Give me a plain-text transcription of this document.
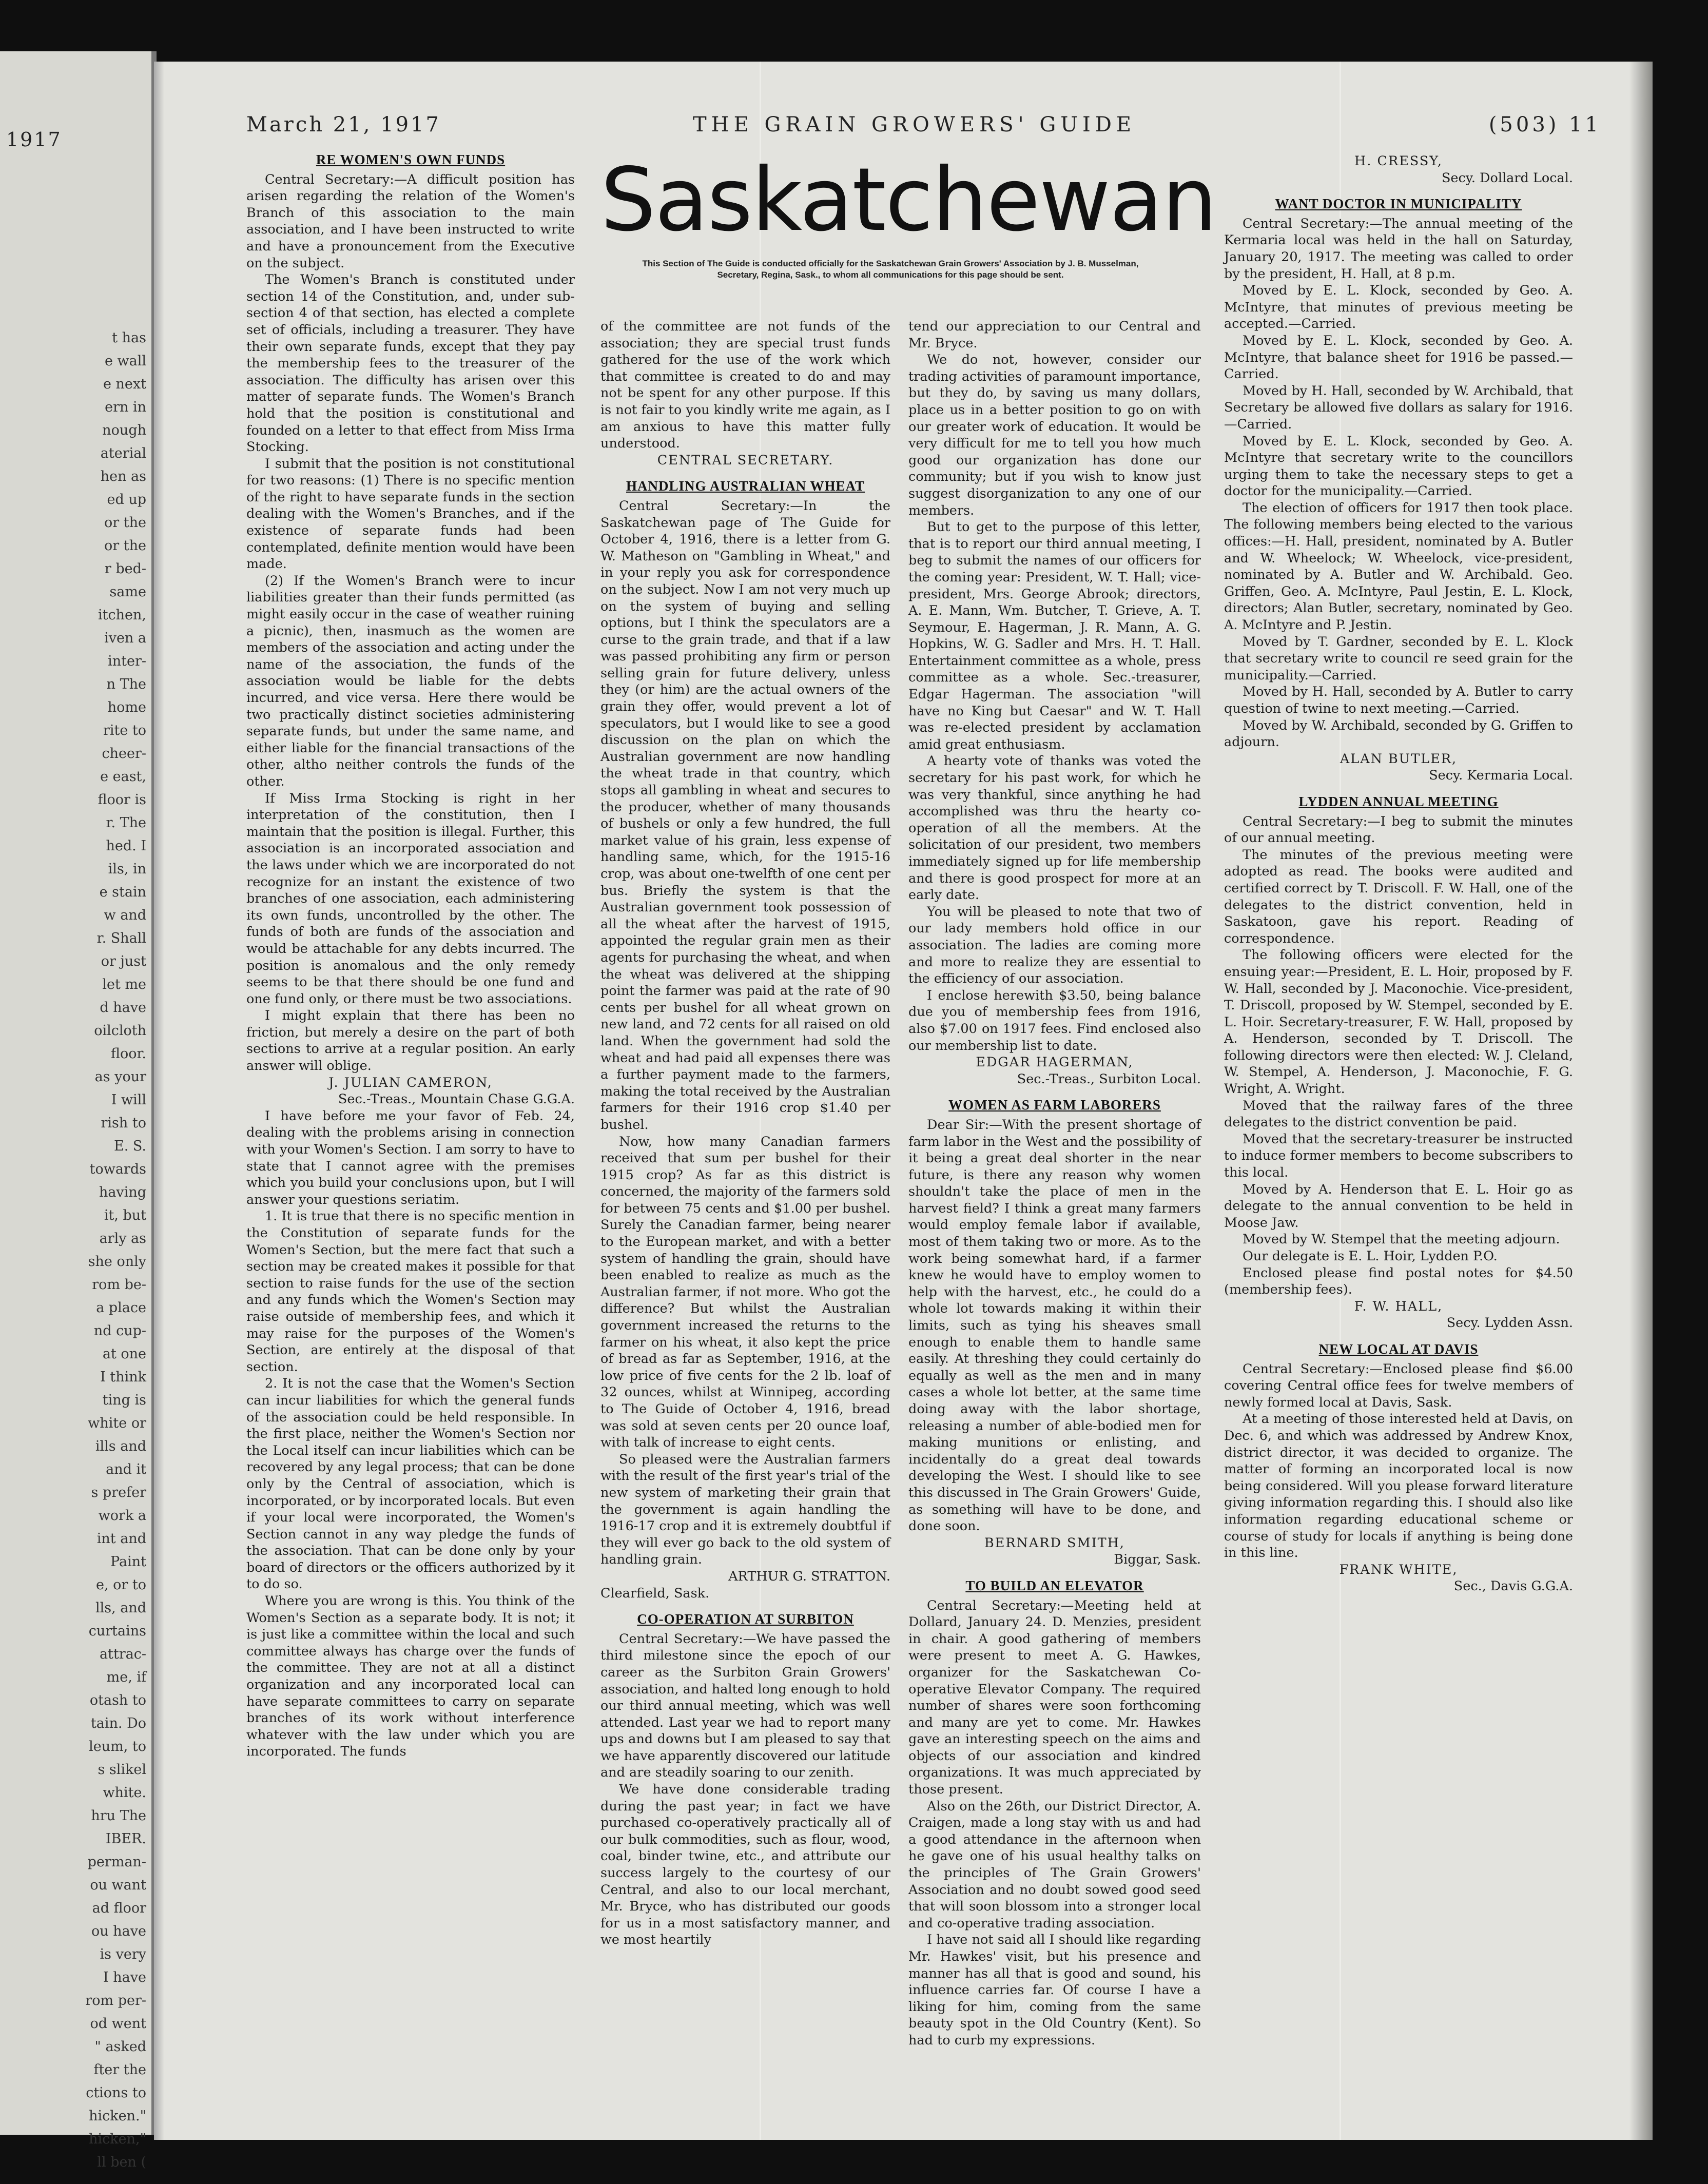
1917
t has
e wall
e next
ern in
nough
aterial
hen as
ed up
or the
or the
r bed-
same
itchen,
iven a
inter-
n The
home
rite to
cheer-
e east,
floor is
r. The
hed. I
ils, in
e stain
w and
r. Shall
or just
let me
d have
oilcloth
floor.
as your
I will
rish to
E. S.
towards
having
it, but
arly as
she only
rom be-
a place
nd cup-
at one
I think
ting is
white or
ills and
and it
s prefer
work a
int and
Paint
e, or to
lls, and
curtains
attrac-
me, if
otash to
tain. Do
leum, to
s slikel
white.
hru The
IBER.
perman-
ou want
ad floor
ou have
is very
I have
rom per-
od went
" asked
fter the
ctions to
hicken."
hicken,"
ll ben (
March 21, 1917	THE GRAIN GROWERS' GUIDE	(503) 11
Saskatchewan
This Section of The Guide is conducted officially for the Saskatchewan Grain Growers' Association by J. B. Musselman, Secretary, Regina, Sask., to whom all communications for this page should be sent.
RE WOMEN'S OWN FUNDS

Central Secretary:—A difficult position has arisen regarding the relation of the Women's Branch of this association to the main association, and I have been instructed to write and have a pronouncement from the Executive on the subject.

The Women's Branch is constituted under section 14 of the Constitution, and, under sub-section 4 of that section, has elected a complete set of officials, including a treasurer. They have their own separate funds, except that they pay the membership fees to the treasurer of the association. The difficulty has arisen over this matter of separate funds. The Women's Branch hold that the position is constitutional and founded on a letter to that effect from Miss Irma Stocking.

I submit that the position is not constitutional for two reasons: (1) There is no specific mention of the right to have separate funds in the section dealing with the Women's Branches, and if the existence of separate funds had been contemplated, definite mention would have been made.

(2) If the Women's Branch were to incur liabilities greater than their funds permitted (as might easily occur in the case of weather ruining a picnic), then, inasmuch as the women are members of the association and acting under the name of the association, the funds of the association would be liable for the debts incurred, and vice versa. Here there would be two practically distinct societies administering separate funds, but under the same name, and either liable for the financial transactions of the other, altho neither controls the funds of the other.

If Miss Irma Stocking is right in her interpretation of the constitution, then I maintain that the position is illegal. Further, this association is an incorporated association and the laws under which we are incorporated do not recognize for an instant the existence of two branches of one association, each administering its own funds, uncontrolled by the other. The funds of both are funds of the association and would be attachable for any debts incurred. The position is anomalous and the only remedy seems to be that there should be one fund and one fund only, or there must be two associations.

I might explain that there has been no friction, but merely a desire on the part of both sections to arrive at a regular position. An early answer will oblige.

J. JULIAN CAMERON,

Sec.-Treas., Mountain Chase G.G.A.

I have before me your favor of Feb. 24, dealing with the problems arising in connection with your Women's Section. I am sorry to have to state that I cannot agree with the premises which you build your conclusions upon, but I will answer your questions seriatim.

1. It is true that there is no specific mention in the Constitution of separate funds for the Women's Section, but the mere fact that such a section may be created makes it possible for that section to raise funds for the use of the section and any funds which the Women's Section may raise outside of membership fees, and which it may raise for the purposes of the Women's Section, are entirely at the disposal of that section.

2. It is not the case that the Women's Section can incur liabilities for which the general funds of the association could be held responsible. In the first place, neither the Women's Section nor the Local itself can incur liabilities which can be recovered by any legal process; that can be done only by the Central of association, which is incorporated, or by incorporated locals. But even if your local were incorporated, the Women's Section cannot in any way pledge the funds of the association. That can be done only by your board of directors or the officers authorized by it to do so.

Where you are wrong is this. You think of the Women's Section as a separate body. It is not; it is just like a committee within the local and such committee always has charge over the funds of the committee. They are not at all a distinct organization and any incorporated local can have separate committees to carry on separate branches of its work without interference whatever with the law under which you are incorporated. The funds

of the committee are not funds of the association; they are special trust funds gathered for the use of the work which that committee is created to do and may not be spent for any other purpose. If this is not fair to you kindly write me again, as I am anxious to have this matter fully understood.

CENTRAL SECRETARY.

HANDLING AUSTRALIAN WHEAT

Central Secretary:—In the Saskatchewan page of The Guide for October 4, 1916, there is a letter from G. W. Matheson on "Gambling in Wheat," and in your reply you ask for correspondence on the subject. Now I am not very much up on the system of buying and selling options, but I think the speculators are a curse to the grain trade, and that if a law was passed prohibiting any firm or person selling grain for future delivery, unless they (or him) are the actual owners of the grain they offer, would prevent a lot of speculators, but I would like to see a good discussion on the plan on which the Australian government are now handling the wheat trade in that country, which stops all gambling in wheat and secures to the producer, whether of many thousands of bushels or only a few hundred, the full market value of his grain, less expense of handling same, which, for the 1915-16 crop, was about one-twelfth of one cent per bus. Briefly the system is that the Australian government took possession of all the wheat after the harvest of 1915, appointed the regular grain men as their agents for purchasing the wheat, and when the wheat was delivered at the shipping point the farmer was paid at the rate of 90 cents per bushel for all wheat grown on new land, and 72 cents for all raised on old land. When the government had sold the wheat and had paid all expenses there was a further payment made to the farmers, making the total received by the Australian farmers for their 1916 crop $1.40 per bushel.

Now, how many Canadian farmers received that sum per bushel for their 1915 crop? As far as this district is concerned, the majority of the farmers sold for between 75 cents and $1.00 per bushel. Surely the Canadian farmer, being nearer to the European market, and with a better system of handling the grain, should have been enabled to realize as much as the Australian farmer, if not more. Who got the difference? But whilst the Australian government increased the returns to the farmer on his wheat, it also kept the price of bread as far as September, 1916, at the low price of five cents for the 2 lb. loaf of 32 ounces, whilst at Winnipeg, according to The Guide of October 4, 1916, bread was sold at seven cents per 20 ounce loaf, with talk of increase to eight cents.

So pleased were the Australian farmers with the result of the first year's trial of the new system of marketing their grain that the government is again handling the 1916-17 crop and it is extremely doubtful if they will ever go back to the old system of handling grain.

ARTHUR G. STRATTON.

Clearfield, Sask.

CO-OPERATION AT SURBITON

Central Secretary:—We have passed the third milestone since the epoch of our career as the Surbiton Grain Growers' association, and halted long enough to hold our third annual meeting, which was well attended. Last year we had to report many ups and downs but I am pleased to say that we have apparently discovered our latitude and are steadily soaring to our zenith.

We have done considerable trading during the past year; in fact we have purchased co-operatively practically all of our bulk commodities, such as flour, wood, coal, binder twine, etc., and attribute our success largely to the courtesy of our Central, and also to our local merchant, Mr. Bryce, who has distributed our goods for us in a most satisfactory manner, and we most heartily

tend our appreciation to our Central and Mr. Bryce.

We do not, however, consider our trading activities of paramount importance, but they do, by saving us many dollars, place us in a better position to go on with our greater work of education. It would be very difficult for me to tell you how much good our organization has done our community; but if you wish to know just suggest disorganization to any one of our members.

But to get to the purpose of this letter, that is to report our third annual meeting, I beg to submit the names of our officers for the coming year: President, W. T. Hall; vice-president, Mrs. George Abrook; directors, A. E. Mann, Wm. Butcher, T. Grieve, A. T. Seymour, E. Hagerman, J. R. Mann, A. G. Hopkins, W. G. Sadler and Mrs. H. T. Hall. Entertainment committee as a whole, press committee as a whole. Sec.-treasurer, Edgar Hagerman. The association "will have no King but Caesar" and W. T. Hall was re-elected president by acclamation amid great enthusiasm.

A hearty vote of thanks was voted the secretary for his past work, for which he was very thankful, since anything he had accomplished was thru the hearty co-operation of all the members. At the solicitation of our president, two members immediately signed up for life membership and there is good prospect for more at an early date.

You will be pleased to note that two of our lady members hold office in our association. The ladies are coming more and more to realize they are essential to the efficiency of our association.

I enclose herewith $3.50, being balance due you of membership fees from 1916, also $7.00 on 1917 fees. Find enclosed also our membership list to date.

EDGAR HAGERMAN,

Sec.-Treas., Surbiton Local.

WOMEN AS FARM LABORERS

Dear Sir:—With the present shortage of farm labor in the West and the possibility of it being a great deal shorter in the near future, is there any reason why women shouldn't take the place of men in the harvest field? I think a great many farmers would employ female labor if available, most of them taking two or more. As to the work being somewhat hard, if a farmer knew he would have to employ women to help with the harvest, etc., he could do a whole lot towards making it within their limits, such as tying his sheaves small enough to enable them to handle same easily. At threshing they could certainly do equally as well as the men and in many cases a whole lot better, at the same time doing away with the labor shortage, releasing a number of able-bodied men for making munitions or enlisting, and incidentally do a great deal towards developing the West. I should like to see this discussed in The Grain Growers' Guide, as something will have to be done, and done soon.

BERNARD SMITH,

Biggar, Sask.

TO BUILD AN ELEVATOR

Central Secretary:—Meeting held at Dollard, January 24. D. Menzies, president in chair. A good gathering of members were present to meet A. G. Hawkes, organizer for the Saskatchewan Co-operative Elevator Company. The required number of shares were soon forthcoming and many are yet to come. Mr. Hawkes gave an interesting speech on the aims and objects of our association and kindred organizations. It was much appreciated by those present.

Also on the 26th, our District Director, A. Craigen, made a long stay with us and had a good attendance in the afternoon when he gave one of his usual healthy talks on the principles of The Grain Growers' Association and no doubt sowed good seed that will soon blossom into a stronger local and co-operative trading association.

I have not said all I should like regarding Mr. Hawkes' visit, but his presence and manner has all that is good and sound, his influence carries far. Of course I have a liking for him, coming from the same beauty spot in the Old Country (Kent). So had to curb my expressions.

H. CRESSY,

Secy. Dollard Local.

WANT DOCTOR IN MUNICIPALITY

Central Secretary:—The annual meeting of the Kermaria local was held in the hall on Saturday, January 20, 1917. The meeting was called to order by the president, H. Hall, at 8 p.m.

Moved by E. L. Klock, seconded by Geo. A. McIntyre, that minutes of previous meeting be accepted.—Carried.

Moved by E. L. Klock, seconded by Geo. A. McIntyre, that balance sheet for 1916 be passed.—Carried.

Moved by H. Hall, seconded by W. Archibald, that Secretary be allowed five dollars as salary for 1916.—Carried.

Moved by E. L. Klock, seconded by Geo. A. McIntyre that secretary write to the councillors urging them to take the necessary steps to get a doctor for the municipality.—Carried.

The election of officers for 1917 then took place. The following members being elected to the various offices:—H. Hall, president, nominated by A. Butler and W. Wheelock; W. Wheelock, vice-president, nominated by A. Butler and W. Archibald. Geo. Griffen, Geo. A. McIntyre, Paul Jestin, E. L. Klock, directors; Alan Butler, secretary, nominated by Geo. A. McIntyre and P. Jestin.

Moved by T. Gardner, seconded by E. L. Klock that secretary write to council re seed grain for the municipality.—Carried.

Moved by H. Hall, seconded by A. Butler to carry question of twine to next meeting.—Carried.

Moved by W. Archibald, seconded by G. Griffen to adjourn.

ALAN BUTLER,

Secy. Kermaria Local.

LYDDEN ANNUAL MEETING

Central Secretary:—I beg to submit the minutes of our annual meeting.

The minutes of the previous meeting were adopted as read. The books were audited and certified correct by T. Driscoll. F. W. Hall, one of the delegates to the district convention, held in Saskatoon, gave his report. Reading of correspondence.

The following officers were elected for the ensuing year:—President, E. L. Hoir, proposed by F. W. Hall, seconded by J. Maconochie. Vice-president, T. Driscoll, proposed by W. Stempel, seconded by E. L. Hoir. Secretary-treasurer, F. W. Hall, proposed by A. Henderson, seconded by T. Driscoll. The following directors were then elected: W. J. Cleland, W. Stempel, A. Henderson, J. Maconochie, F. G. Wright, A. Wright.

Moved that the railway fares of the three delegates to the district convention be paid.

Moved that the secretary-treasurer be instructed to induce former members to become subscribers to this local.

Moved by A. Henderson that E. L. Hoir go as delegate to the annual convention to be held in Moose Jaw.

Moved by W. Stempel that the meeting adjourn.

Our delegate is E. L. Hoir, Lydden P.O.

Enclosed please find postal notes for $4.50 (membership fees).

F. W. HALL,

Secy. Lydden Assn.

NEW LOCAL AT DAVIS

Central Secretary:—Enclosed please find $6.00 covering Central office fees for twelve members of newly formed local at Davis, Sask.

At a meeting of those interested held at Davis, on Dec. 6, and which was addressed by Andrew Knox, district director, it was decided to organize. The matter of forming an incorporated local is now being considered. Will you please forward literature giving information regarding this. I should also like information regarding educational scheme or course of study for locals if anything is being done in this line.

FRANK WHITE,

Sec., Davis G.G.A.
